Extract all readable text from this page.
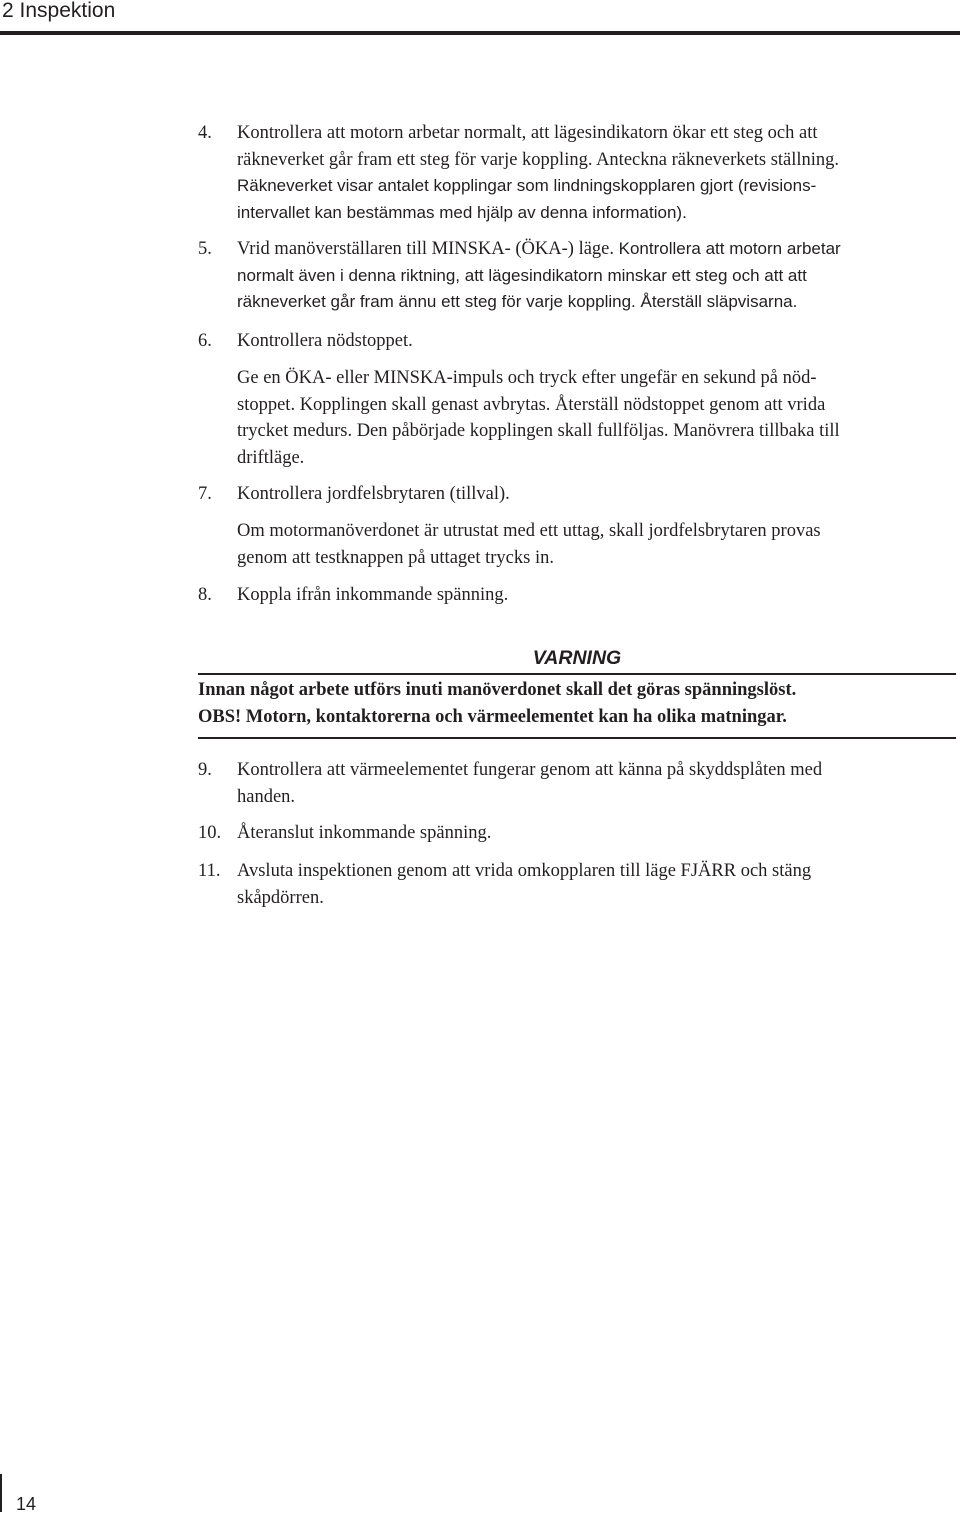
2 Inspektion
4. Kontrollera att motorn arbetar normalt, att lägesindikatorn ökar ett steg och att
räkneverket går fram ett steg för varje koppling. Anteckna räkneverkets ställning.
Räkneverket visar antalet kopplingar som lindningskopplaren gjort (revisions-
intervallet kan bestämmas med hjälp av denna information).
5. Vrid manöverställaren till MINSKA- (ÖKA-) läge. Kontrollera att motorn arbetar
normalt även i denna riktning, att lägesindikatorn minskar ett steg och att att
räkneverket går fram ännu ett steg för varje koppling. Återställ släpvisarna.
6. Kontrollera nödstoppet.
Ge en ÖKA- eller MINSKA-impuls och tryck efter ungefär en sekund på nöd-
stoppet. Kopplingen skall genast avbrytas. Återställ nödstoppet genom att vrida
trycket medurs. Den påbörjade kopplingen skall fullföljas. Manövrera tillbaka till
driftläge.
7. Kontrollera jordfelsbrytaren (tillval).
Om motormanöverdonet är utrustat med ett uttag, skall jordfelsbrytaren provas
genom att testknappen på uttaget trycks in.
8. Koppla ifrån inkommande spänning.
VARNING
Innan något arbete utförs inuti manöverdonet skall det göras spänningslöst.
OBS! Motorn, kontaktorerna och värmeelementet kan ha olika matningar.
9. Kontrollera att värmeelementet fungerar genom att känna på skyddsplåten med
handen.
10. Återanslut inkommande spänning.
11. Avsluta inspektionen genom att vrida omkopplaren till läge FJÄRR och stäng
skåpdörren.
14
